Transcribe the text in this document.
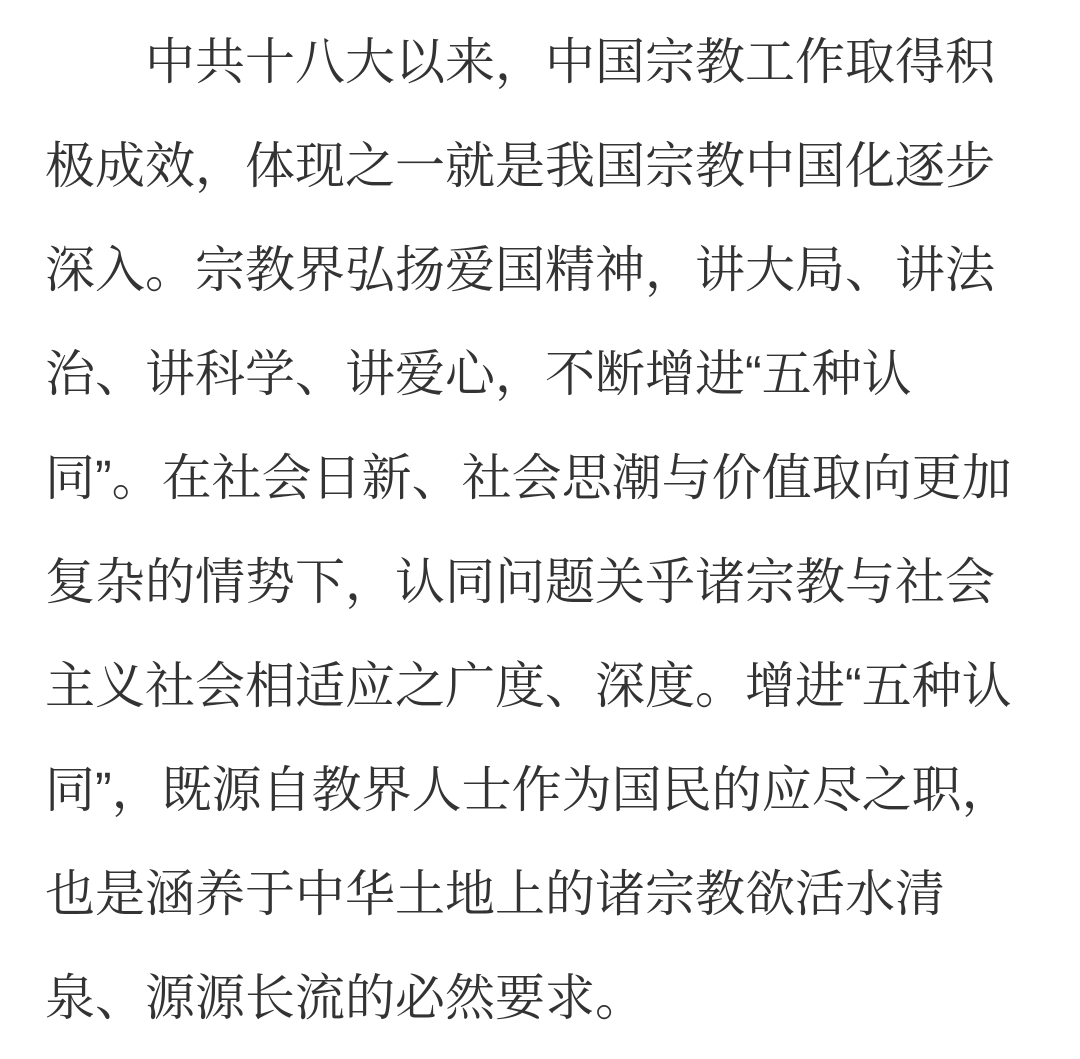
中共十八大以来，中国宗教工作取得积

极成效，体现之一就是我国宗教中国化逐步

深入。宗教界弘扬爱国精神，讲大局、讲法

治、讲科学、讲爱心，不断增进“五种认

同”。在社会日新、社会思潮与价值取向更加

复杂的情势下，认同问题关乎诸宗教与社会

主义社会相适应之广度、深度。增进“五种认

同”，既源自教界人士作为国民的应尽之职，

也是涵养于中华土地上的诸宗教欲活水清

泉、源源长流的必然要求。
